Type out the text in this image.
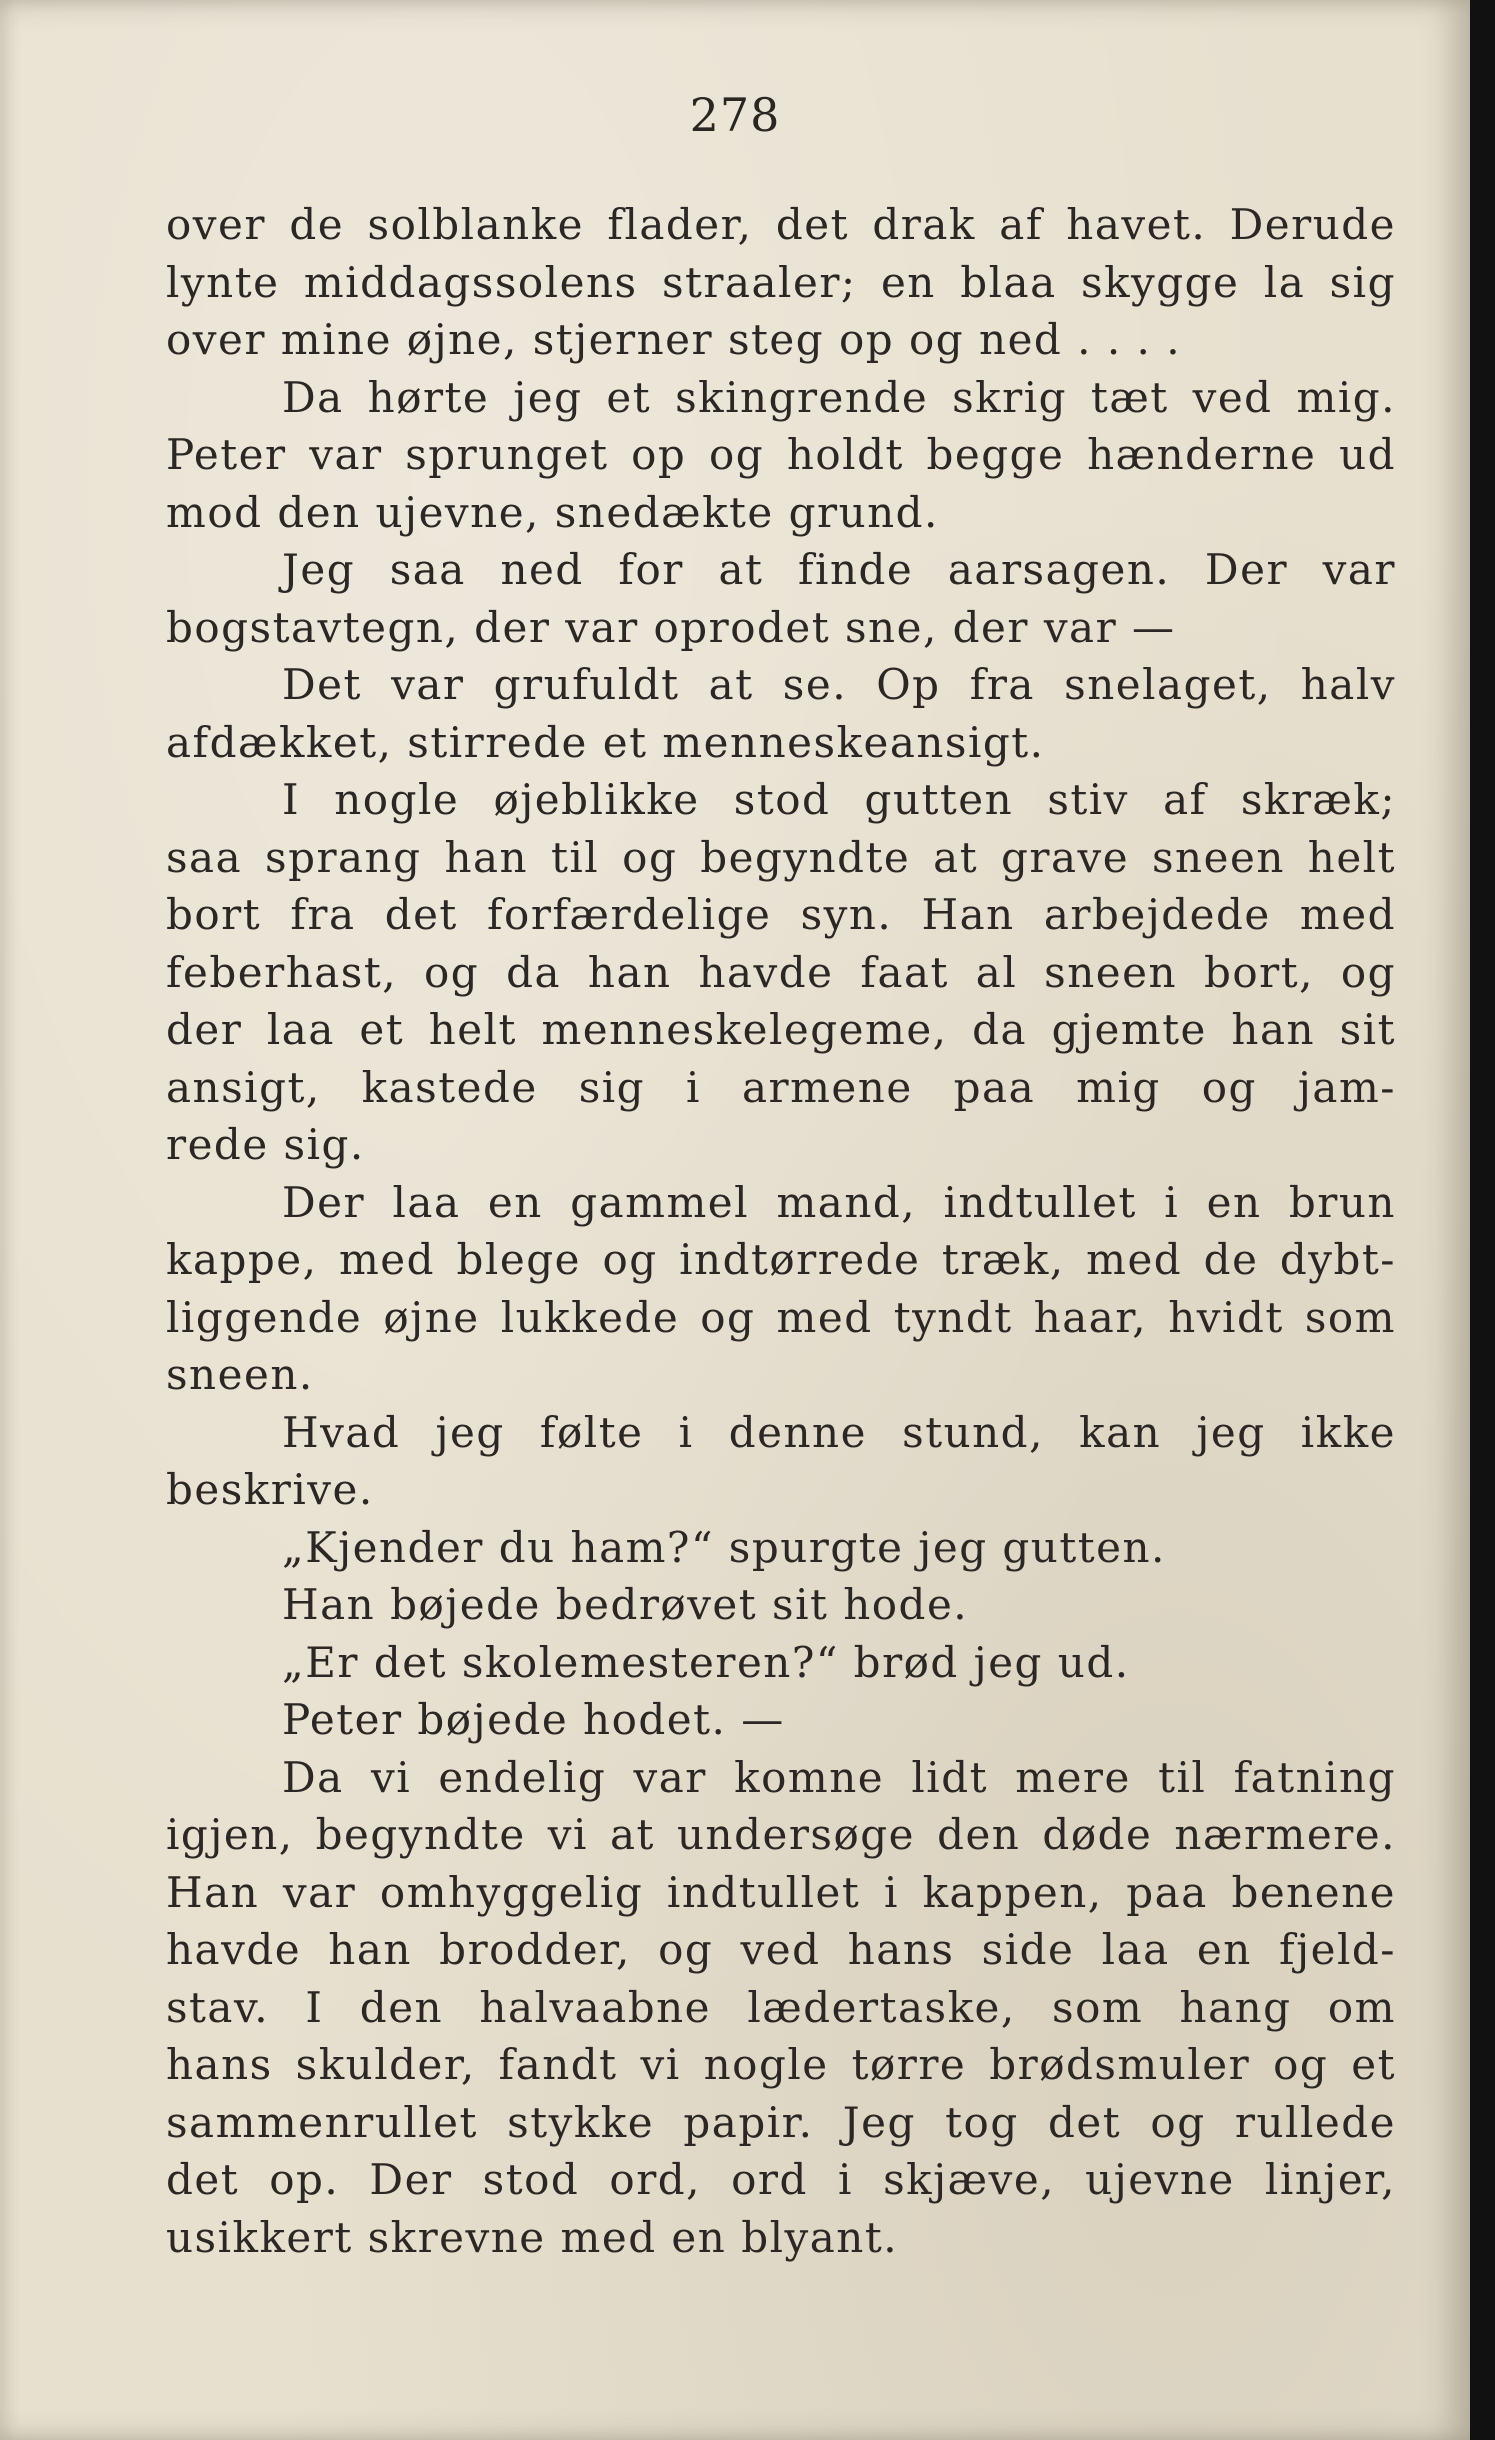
278
over de solblanke flader, det drak af havet. Derude
lynte middagssolens straaler; en blaa skygge la sig
over mine øjne, stjerner steg op og ned . . . .
Da hørte jeg et skingrende skrig tæt ved mig.
Peter var sprunget op og holdt begge hænderne ud
mod den ujevne, snedækte grund.
Jeg saa ned for at finde aarsagen. Der var
bogstavtegn, der var oprodet sne, der var —
Det var grufuldt at se. Op fra snelaget, halv
afdækket, stirrede et menneskeansigt.
I nogle øjeblikke stod gutten stiv af skræk;
saa sprang han til og begyndte at grave sneen helt
bort fra det forfærdelige syn. Han arbejdede med
feberhast, og da han havde faat al sneen bort, og
der laa et helt menneskelegeme, da gjemte han sit
ansigt, kastede sig i armene paa mig og jam-
rede sig.
Der laa en gammel mand, indtullet i en brun
kappe, med blege og indtørrede træk, med de dybt-
liggende øjne lukkede og med tyndt haar, hvidt som
sneen.
Hvad jeg følte i denne stund, kan jeg ikke
beskrive.
„Kjender du ham?“ spurgte jeg gutten.
Han bøjede bedrøvet sit hode.
„Er det skolemesteren?“ brød jeg ud.
Peter bøjede hodet. —
Da vi endelig var komne lidt mere til fatning
igjen, begyndte vi at undersøge den døde nærmere.
Han var omhyggelig indtullet i kappen, paa benene
havde han brodder, og ved hans side laa en fjeld-
stav. I den halvaabne lædertaske, som hang om
hans skulder, fandt vi nogle tørre brødsmuler og et
sammenrullet stykke papir. Jeg tog det og rullede
det op. Der stod ord, ord i skjæve, ujevne linjer,
usikkert skrevne med en blyant.
